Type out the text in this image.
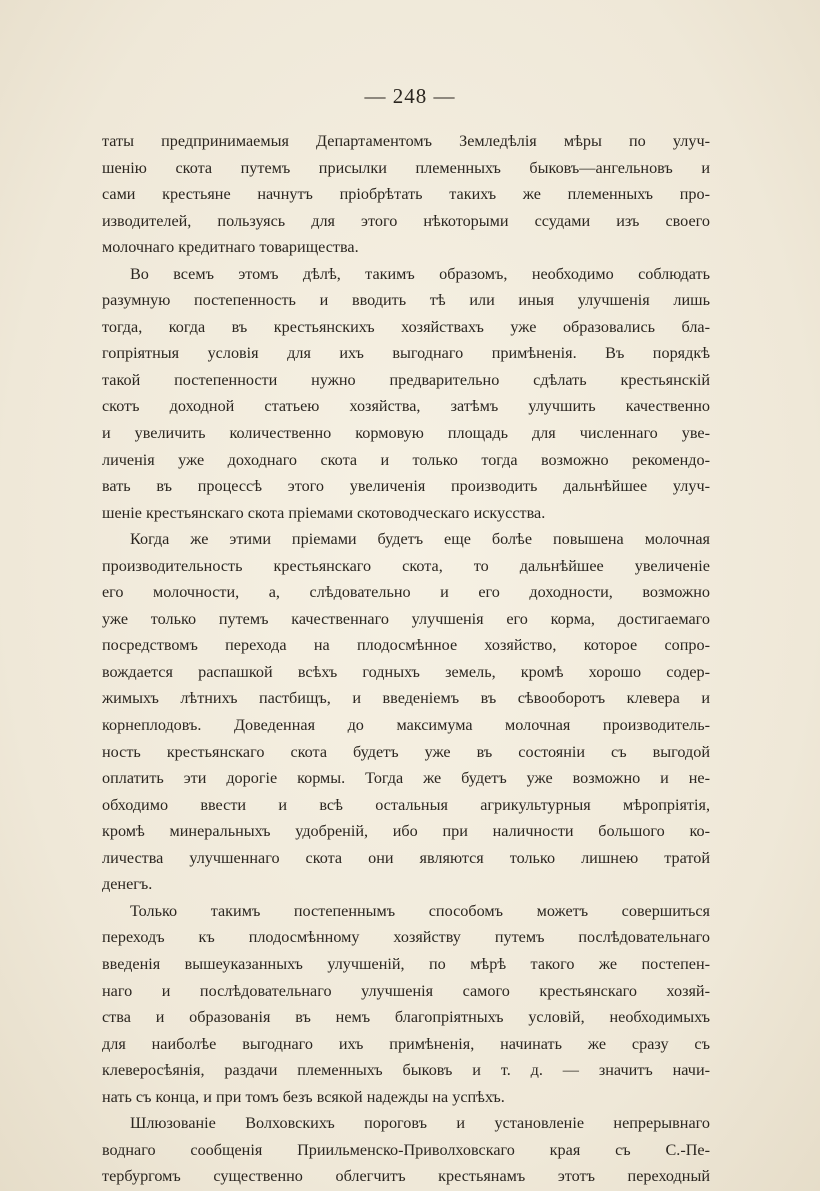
— 248 —
таты предпринимаемыя Департаментомъ Земледѣлія мѣры по улуч-
шенію скота путемъ присылки племенныхъ быковъ—ангельновъ и
сами крестьяне начнутъ пріобрѣтать такихъ же племенныхъ про-
изводителей, пользуясь для этого нѣкоторыми ссудами изъ своего
молочнаго кредитнаго товарищества.
Во всемъ этомъ дѣлѣ, такимъ образомъ, необходимо соблюдать
разумную постепенность и вводить тѣ или иныя улучшенія лишь
тогда, когда въ крестьянскихъ хозяйствахъ уже образовались бла-
гопріятныя условія для ихъ выгоднаго примѣненія. Въ порядкѣ
такой постепенности нужно предварительно сдѣлать крестьянскій
скотъ доходной статьею хозяйства, затѣмъ улучшить качественно
и увеличить количественно кормовую площадь для численнаго уве-
личенія уже доходнаго скота и только тогда возможно рекомендо-
вать въ процессѣ этого увеличенія производить дальнѣйшее улуч-
шеніе крестьянскаго скота пріемами скотоводческаго искусства.
Когда же этими пріемами будетъ еще болѣе повышена молочная
производительность крестьянскаго скота, то дальнѣйшее увеличеніе
его молочности, а, слѣдовательно и его доходности, возможно
уже только путемъ качественнаго улучшенія его корма, достигаемаго
посредствомъ перехода на плодосмѣнное хозяйство, которое сопро-
вождается распашкой всѣхъ годныхъ земель, кромѣ хорошо содер-
жимыхъ лѣтнихъ пастбищъ, и введеніемъ въ сѣвооборотъ клевера и
корнеплодовъ. Доведенная до максимума молочная производитель-
ность крестьянскаго скота будетъ уже въ состояніи съ выгодой
оплатить эти дорогіе кормы. Тогда же будетъ уже возможно и не-
обходимо ввести и всѣ остальныя агрикультурныя мѣропріятія,
кромѣ минеральныхъ удобреній, ибо при наличности большого ко-
личества улучшеннаго скота они являются только лишнею тратой
денегъ.
Только такимъ постепеннымъ способомъ можетъ совершиться
переходъ къ плодосмѣнному хозяйству путемъ послѣдовательнаго
введенія вышеуказанныхъ улучшеній, по мѣрѣ такого же постепен-
наго и послѣдовательнаго улучшенія самого крестьянскаго хозяй-
ства и образованія въ немъ благопріятныхъ условій, необходимыхъ
для наиболѣе выгоднаго ихъ примѣненія, начинать же сразу съ
клеверосѣянія, раздачи племенныхъ быковъ и т. д. — значитъ начи-
нать съ конца, и при томъ безъ всякой надежды на успѣхъ.
Шлюзованіе Волховскихъ пороговъ и установленіе непрерывнаго
воднаго сообщенія Приильменско-Приволховскаго края съ С.-Пе-
тербургомъ существенно облегчитъ крестьянамъ этотъ переходный
